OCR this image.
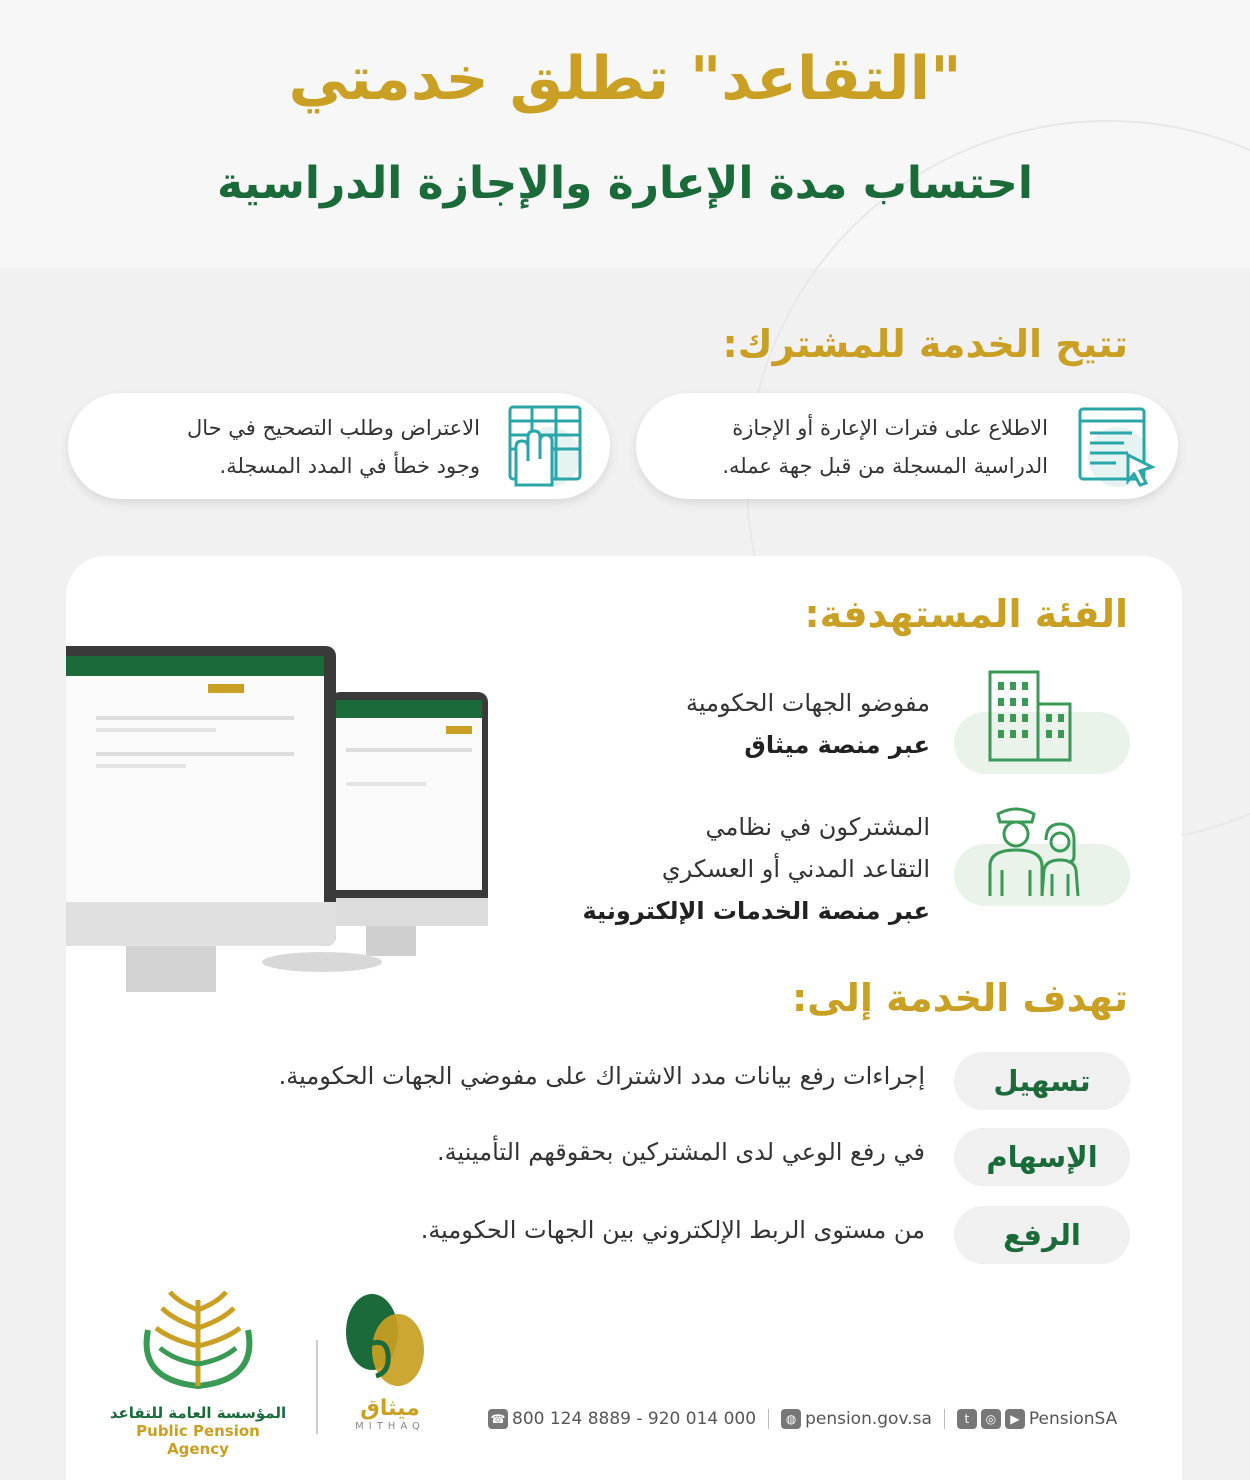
"التقاعد" تطلق خدمتي
احتساب مدة الإعارة والإجازة الدراسية
تتيح الخدمة للمشترك:
الاطلاع على فترات الإعارة أو الإجازة
الدراسية المسجلة من قبل جهة عمله.
الاعتراض وطلب التصحيح في حال
وجود خطأ في المدد المسجلة.
الفئة المستهدفة:
مفوضو الجهات الحكومية
عبر منصة ميثاق
المشتركون في نظامي
التقاعد المدني أو العسكري
عبر منصة الخدمات الإلكترونية
تهدف الخدمة إلى:
تسهيل
إجراءات رفع بيانات مدد الاشتراك على مفوضي الجهات الحكومية.
الإسهام
في رفع الوعي لدى المشتركين بحقوقهم التأمينية.
الرفع
من مستوى الربط الإلكتروني بين الجهات الحكومية.
المؤسسة العامة للتقاعد
Public Pension Agency
ميثاق
MITHAQ
☎ 800 124 8889 - 920 014 000	◍ pension.gov.sa	t	◎	▶ PensionSA
